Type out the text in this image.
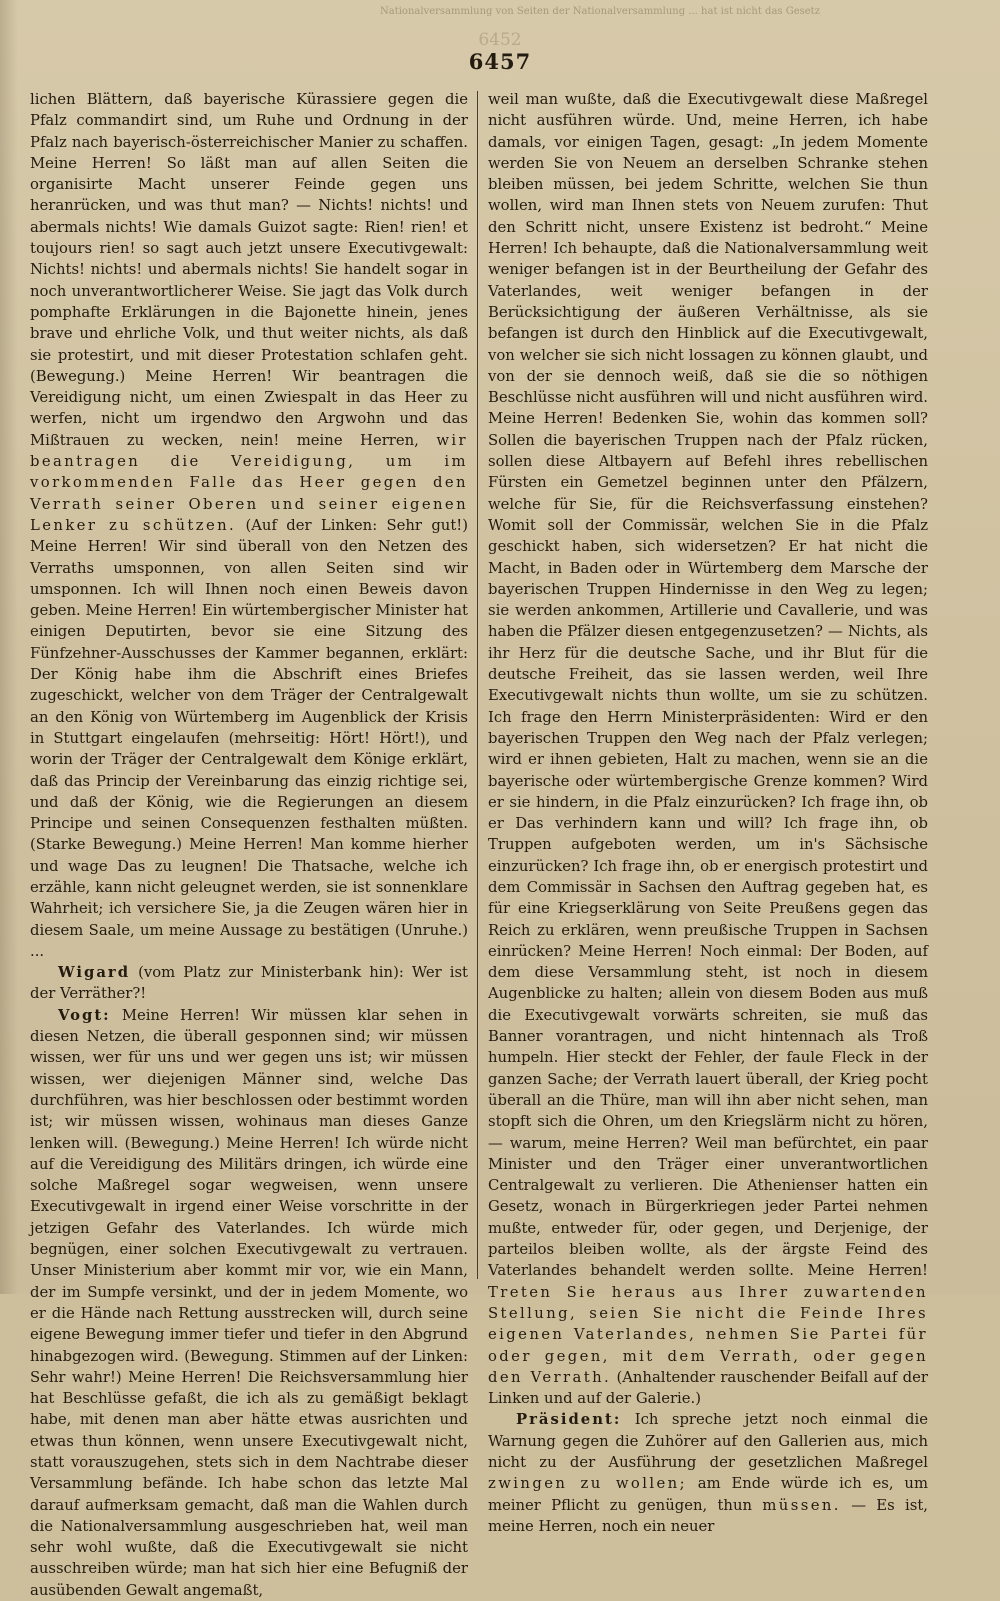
Nationalversammlung von Seiten der Nationalversammlung ... hat ist nicht das Gesetz
6452
6457

lichen Blättern, daß bayerische Kürassiere gegen die Pfalz commandirt sind, um Ruhe und Ordnung in der Pfalz nach bayerisch-österreichischer Manier zu schaffen. Meine Herren! So läßt man auf allen Seiten die organisirte Macht unserer Feinde gegen uns heranrücken, und was thut man? — Nichts! nichts! und abermals nichts! Wie damals Guizot sagte: Rien! rien! et toujours rien! so sagt auch jetzt unsere Executivgewalt: Nichts! nichts! und abermals nichts! Sie handelt sogar in noch unverantwortlicherer Weise. Sie jagt das Volk durch pomphafte Erklärungen in die Bajonette hinein, jenes brave und ehrliche Volk, und thut weiter nichts, als daß sie protestirt, und mit dieser Protestation schlafen geht. (Bewegung.) Meine Herren! Wir beantragen die Vereidigung nicht, um einen Zwiespalt in das Heer zu werfen, nicht um irgendwo den Argwohn und das Mißtrauen zu wecken, nein! meine Herren, wir beantragen die Vereidigung, um im vorkommenden Falle das Heer gegen den Verrath seiner Oberen und seiner eigenen Lenker zu schützen. (Auf der Linken: Sehr gut!) Meine Herren! Wir sind überall von den Netzen des Verraths umsponnen, von allen Seiten sind wir umsponnen. Ich will Ihnen noch einen Beweis davon geben. Meine Herren! Ein würtembergischer Minister hat einigen Deputirten, bevor sie eine Sitzung des Fünfzehner-Ausschusses der Kammer begannen, erklärt: Der König habe ihm die Abschrift eines Briefes zugeschickt, welcher von dem Träger der Centralgewalt an den König von Würtemberg im Augenblick der Krisis in Stuttgart eingelaufen (mehrseitig: Hört! Hört!), und worin der Träger der Centralgewalt dem Könige erklärt, daß das Princip der Vereinbarung das einzig richtige sei, und daß der König, wie die Regierungen an diesem Principe und seinen Consequenzen festhalten müßten. (Starke Bewegung.) Meine Herren! Man komme hierher und wage Das zu leugnen! Die Thatsache, welche ich erzähle, kann nicht geleugnet werden, sie ist sonnenklare Wahrheit; ich versichere Sie, ja die Zeugen wären hier in diesem Saale, um meine Aussage zu bestätigen (Unruhe.) ...

Wigard (vom Platz zur Ministerbank hin): Wer ist der Verräther?!

Vogt: Meine Herren! Wir müssen klar sehen in diesen Netzen, die überall gesponnen sind; wir müssen wissen, wer für uns und wer gegen uns ist; wir müssen wissen, wer diejenigen Männer sind, welche Das durchführen, was hier beschlossen oder bestimmt worden ist; wir müssen wissen, wohinaus man dieses Ganze lenken will. (Bewegung.) Meine Herren! Ich würde nicht auf die Vereidigung des Militärs dringen, ich würde eine solche Maßregel sogar wegweisen, wenn unsere Executivgewalt in irgend einer Weise vorschritte in der jetzigen Gefahr des Vaterlandes. Ich würde mich begnügen, einer solchen Executivgewalt zu vertrauen. Unser Ministerium aber kommt mir vor, wie ein Mann, der im Sumpfe versinkt, und der in jedem Momente, wo er die Hände nach Rettung ausstrecken will, durch seine eigene Bewegung immer tiefer und tiefer in den Abgrund hinabgezogen wird. (Bewegung. Stimmen auf der Linken: Sehr wahr!) Meine Herren! Die Reichsversammlung hier hat Beschlüsse gefaßt, die ich als zu gemäßigt beklagt habe, mit denen man aber hätte etwas ausrichten und etwas thun können, wenn unsere Executivgewalt nicht, statt vorauszugehen, stets sich in dem Nachtrabe dieser Versammlung befände. Ich habe schon das letzte Mal darauf aufmerksam gemacht, daß man die Wahlen durch die Nationalversammlung ausgeschrieben hat, weil man sehr wohl wußte, daß die Executivgewalt sie nicht ausschreiben würde; man hat sich hier eine Befugniß der ausübenden Gewalt angemaßt,

weil man wußte, daß die Executivgewalt diese Maßregel nicht ausführen würde. Und, meine Herren, ich habe damals, vor einigen Tagen, gesagt: „In jedem Momente werden Sie von Neuem an derselben Schranke stehen bleiben müssen, bei jedem Schritte, welchen Sie thun wollen, wird man Ihnen stets von Neuem zurufen: Thut den Schritt nicht, unsere Existenz ist bedroht.“ Meine Herren! Ich behaupte, daß die Nationalversammlung weit weniger befangen ist in der Beurtheilung der Gefahr des Vaterlandes, weit weniger befangen in der Berücksichtigung der äußeren Verhältnisse, als sie befangen ist durch den Hinblick auf die Executivgewalt, von welcher sie sich nicht lossagen zu können glaubt, und von der sie dennoch weiß, daß sie die so nöthigen Beschlüsse nicht ausführen will und nicht ausführen wird. Meine Herren! Bedenken Sie, wohin das kommen soll? Sollen die bayerischen Truppen nach der Pfalz rücken, sollen diese Altbayern auf Befehl ihres rebellischen Fürsten ein Gemetzel beginnen unter den Pfälzern, welche für Sie, für die Reichsverfassung einstehen? Womit soll der Commissär, welchen Sie in die Pfalz geschickt haben, sich widersetzen? Er hat nicht die Macht, in Baden oder in Würtemberg dem Marsche der bayerischen Truppen Hindernisse in den Weg zu legen; sie werden ankommen, Artillerie und Cavallerie, und was haben die Pfälzer diesen entgegenzusetzen? — Nichts, als ihr Herz für die deutsche Sache, und ihr Blut für die deutsche Freiheit, das sie lassen werden, weil Ihre Executivgewalt nichts thun wollte, um sie zu schützen. Ich frage den Herrn Ministerpräsidenten: Wird er den bayerischen Truppen den Weg nach der Pfalz verlegen; wird er ihnen gebieten, Halt zu machen, wenn sie an die bayerische oder würtembergische Grenze kommen? Wird er sie hindern, in die Pfalz einzurücken? Ich frage ihn, ob er Das verhindern kann und will? Ich frage ihn, ob Truppen aufgeboten werden, um in's Sächsische einzurücken? Ich frage ihn, ob er energisch protestirt und dem Commissär in Sachsen den Auftrag gegeben hat, es für eine Kriegserklärung von Seite Preußens gegen das Reich zu erklären, wenn preußische Truppen in Sachsen einrücken? Meine Herren! Noch einmal: Der Boden, auf dem diese Versammlung steht, ist noch in diesem Augenblicke zu halten; allein von diesem Boden aus muß die Executivgewalt vorwärts schreiten, sie muß das Banner vorantragen, und nicht hintennach als Troß humpeln. Hier steckt der Fehler, der faule Fleck in der ganzen Sache; der Verrath lauert überall, der Krieg pocht überall an die Thüre, man will ihn aber nicht sehen, man stopft sich die Ohren, um den Kriegslärm nicht zu hören, — warum, meine Herren? Weil man befürchtet, ein paar Minister und den Träger einer unverantwortlichen Centralgewalt zu verlieren. Die Athenienser hatten ein Gesetz, wonach in Bürgerkriegen jeder Partei nehmen mußte, entweder für, oder gegen, und Derjenige, der parteilos bleiben wollte, als der ärgste Feind des Vaterlandes behandelt werden sollte. Meine Herren! Treten Sie heraus aus Ihrer zuwartenden Stellung, seien Sie nicht die Feinde Ihres eigenen Vaterlandes, nehmen Sie Partei für oder gegen, mit dem Verrath, oder gegen den Verrath. (Anhaltender rauschender Beifall auf der Linken und auf der Galerie.)

Präsident: Ich spreche jetzt noch einmal die Warnung gegen die Zuhörer auf den Gallerien aus, mich nicht zu der Ausführung der gesetzlichen Maßregel zwingen zu wollen; am Ende würde ich es, um meiner Pflicht zu genügen, thun müssen. — Es ist, meine Herren, noch ein neuer
